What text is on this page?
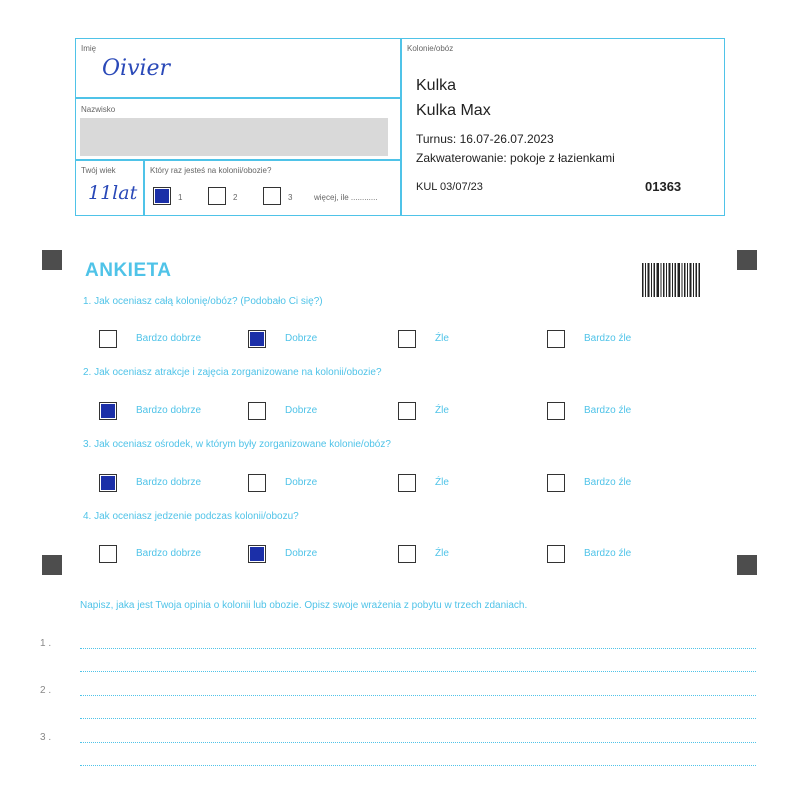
Imię
Oivier
Nazwisko
Twój wiek
11lat
Który raz jesteś na kolonii/obozie?
1	2	3	więcej, ile ............
Kolonie/obóz
Kulka
Kulka Max
Turnus: 16.07-26.07.2023
Zakwaterowanie: pokoje z łazienkami
KUL 03/07/23	01363
ANKIETA
1. Jak oceniasz całą kolonię/obóz? (Podobało Ci się?)
2. Jak oceniasz atrakcje i zajęcia zorganizowane na kolonii/obozie?
3. Jak oceniasz ośrodek, w którym były zorganizowane kolonie/obóz?
4. Jak oceniasz jedzenie podczas kolonii/obozu?
Bardzo dobrze	Dobrze	Źle	Bardzo źle
Bardzo dobrze	Dobrze	Źle	Bardzo źle
Bardzo dobrze	Dobrze	Źle	Bardzo źle
Bardzo dobrze	Dobrze	Źle	Bardzo źle
Napisz, jaka jest Twoja opinia o kolonii lub obozie. Opisz swoje wrażenia z pobytu w trzech zdaniach.
1 .
2 .
3 .
